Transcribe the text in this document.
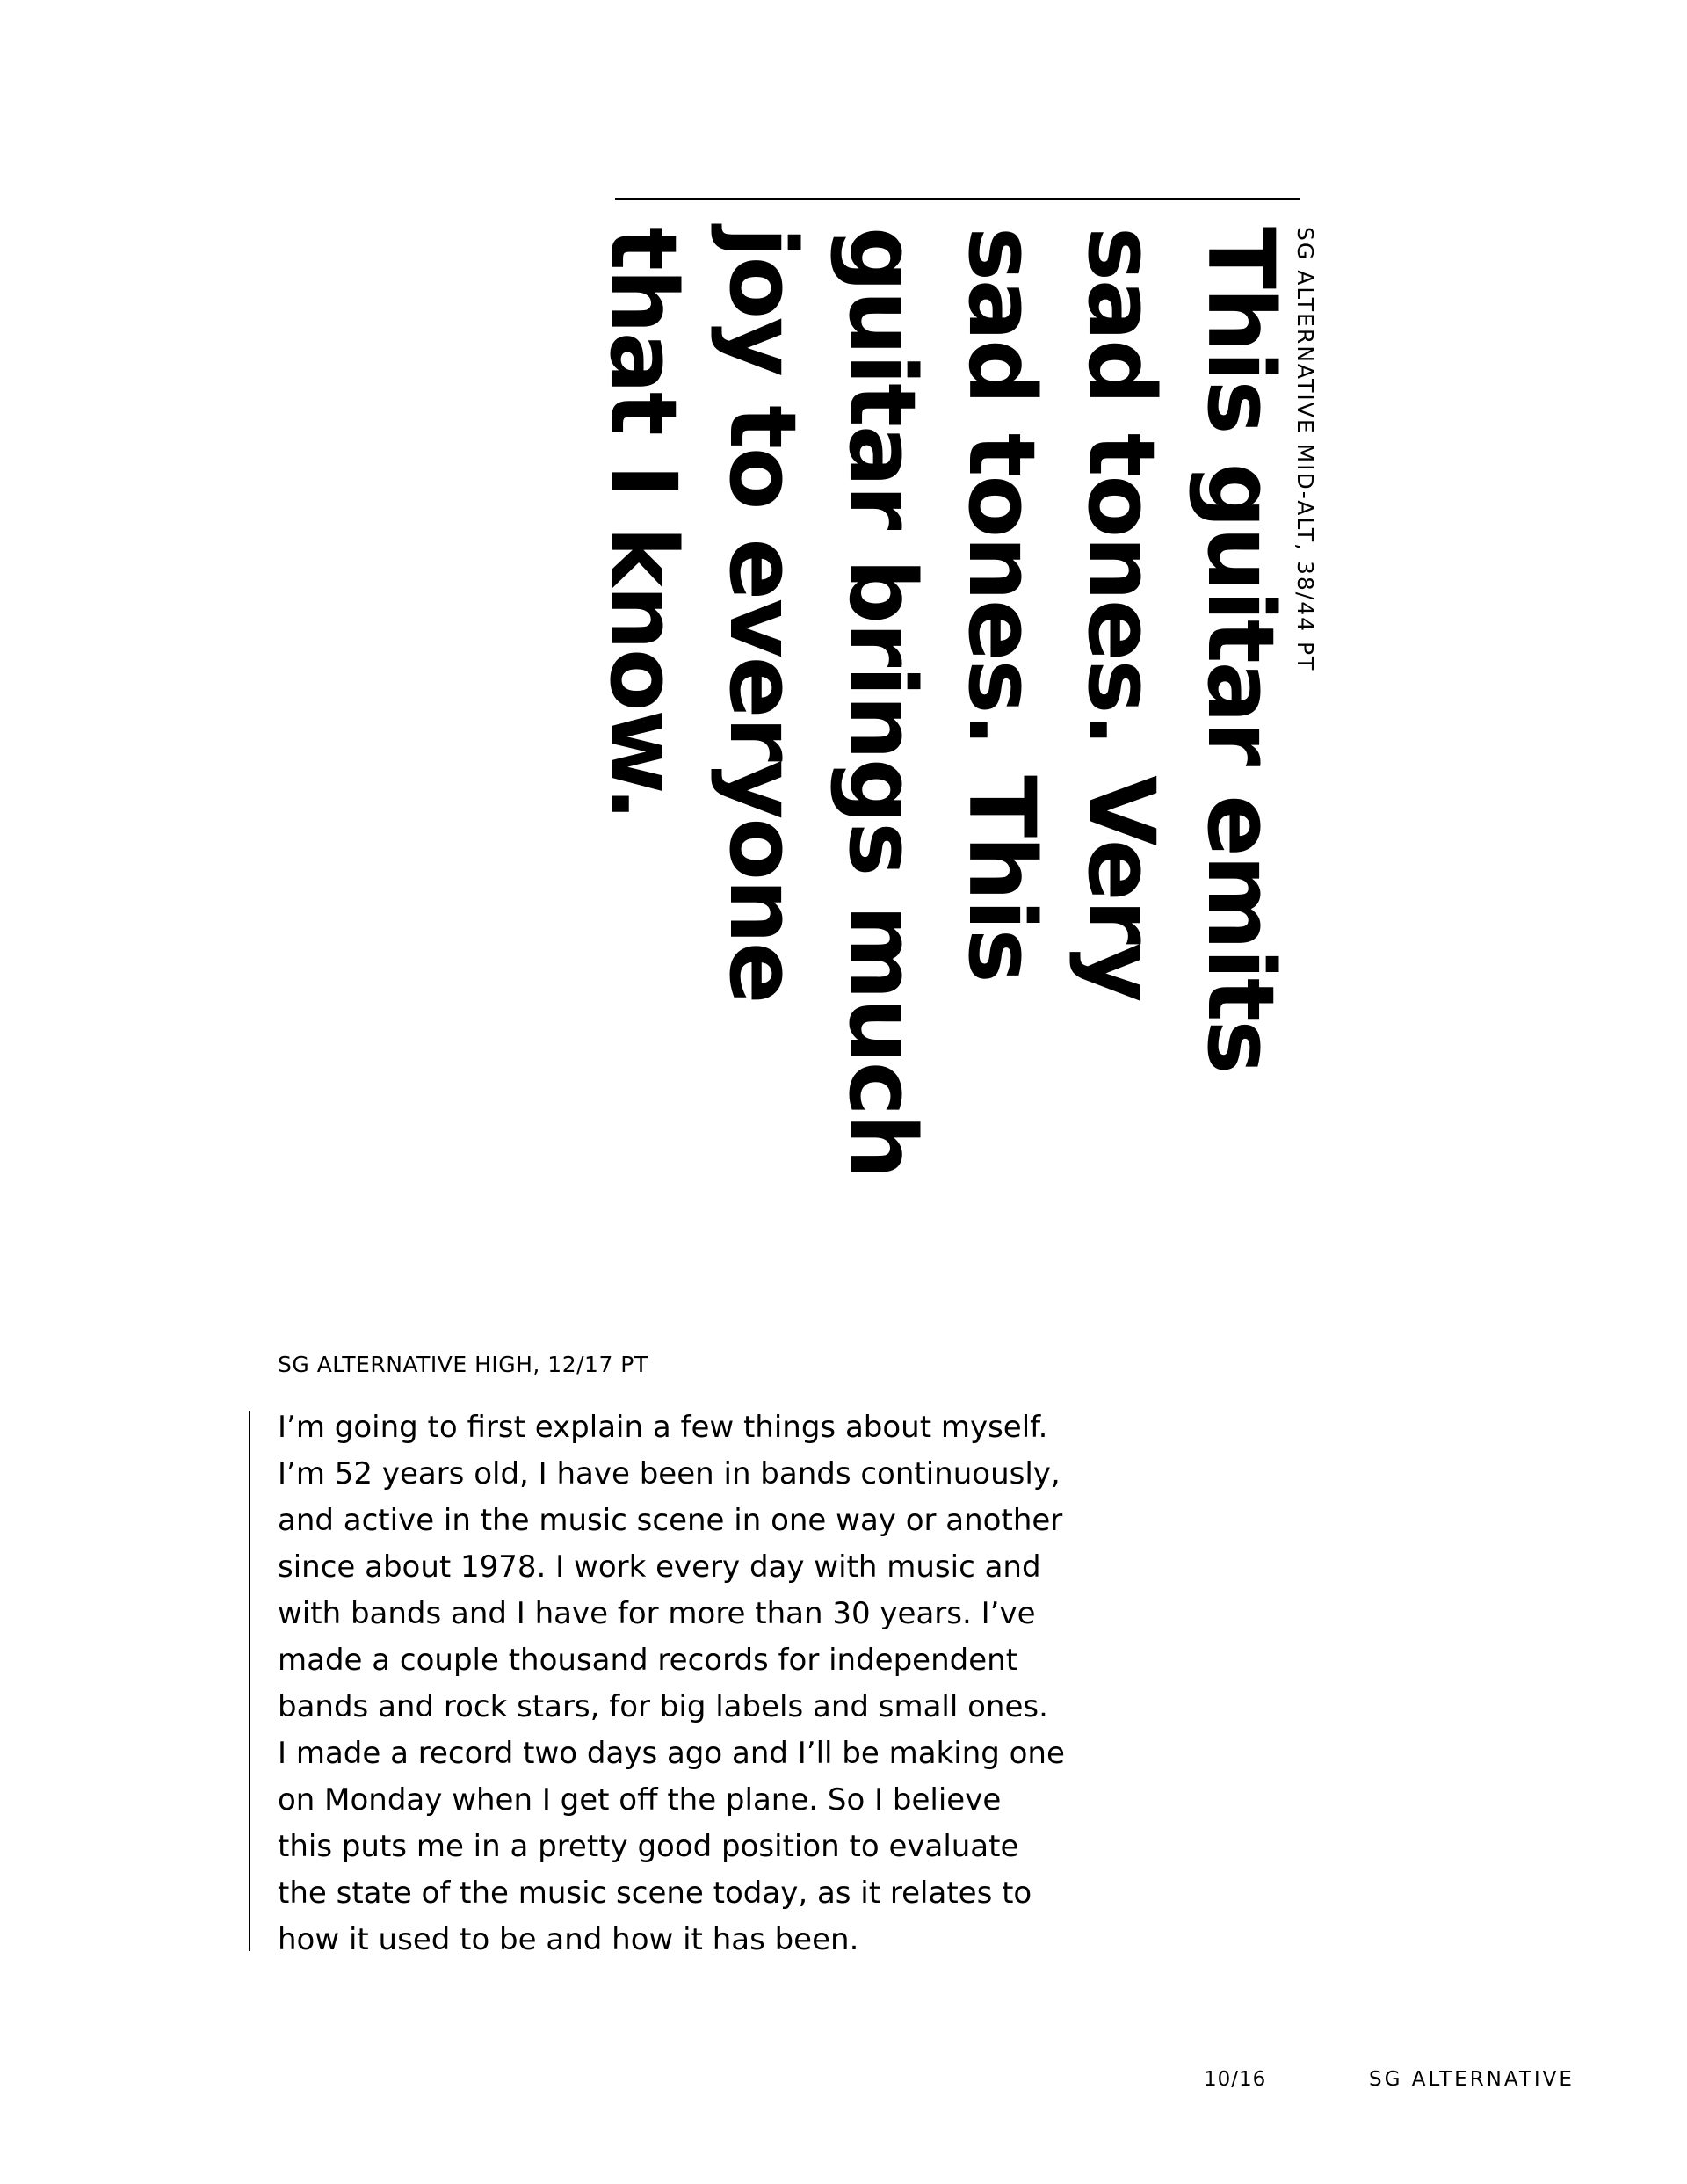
SG ALTERNATIVE MID-ALT, 38/44 PT

This guitar emits
sad tones. Very
sad tones. This
guitar brings much
joy to everyone
that I know.

SG ALTERNATIVE HIGH, 12/17 PT
I’m going to first explain a few things about myself.
I’m 52 years old, I have been in bands continuously,
and active in the music scene in one way or another
since about 1978. I work every day with music and
with bands and I have for more than 30 years. I’ve
made a couple thousand records for independent
bands and rock stars, for big labels and small ones.
I made a record two days ago and I’ll be making one
on Monday when I get off the plane. So I believe
this puts me in a pretty good position to evaluate
the state of the music scene today, as it relates to
how it used to be and how it has been.
10/16	SG ALTERNATIVE
